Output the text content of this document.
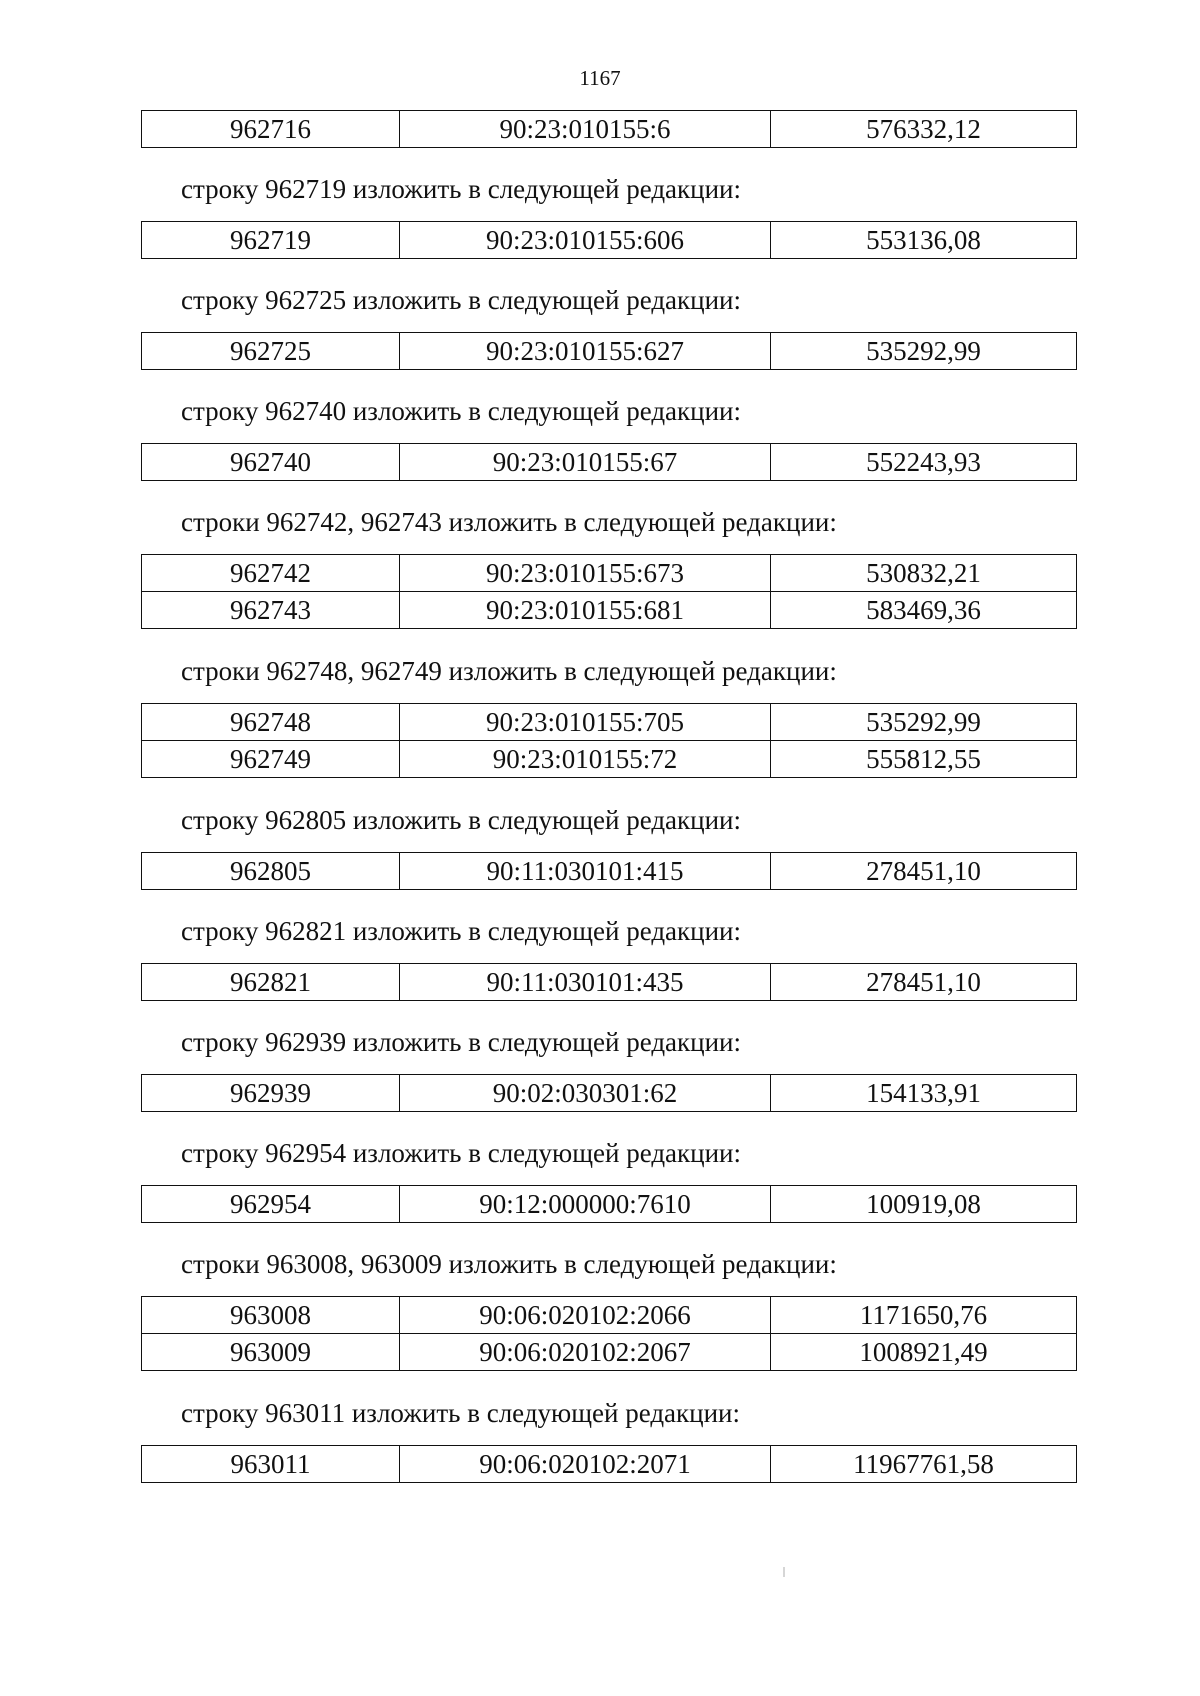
1167
962716	90:23:010155:6	576332,12
строку 962719 изложить в следующей редакции:
962719	90:23:010155:606	553136,08
строку 962725 изложить в следующей редакции:
962725	90:23:010155:627	535292,99
строку 962740 изложить в следующей редакции:
962740	90:23:010155:67	552243,93
строки 962742, 962743 изложить в следующей редакции:
962742	90:23:010155:673	530832,21
962743	90:23:010155:681	583469,36
строки 962748, 962749 изложить в следующей редакции:
962748	90:23:010155:705	535292,99
962749	90:23:010155:72	555812,55
строку 962805 изложить в следующей редакции:
962805	90:11:030101:415	278451,10
строку 962821 изложить в следующей редакции:
962821	90:11:030101:435	278451,10
строку 962939 изложить в следующей редакции:
962939	90:02:030301:62	154133,91
строку 962954 изложить в следующей редакции:
962954	90:12:000000:7610	100919,08
строки 963008, 963009 изложить в следующей редакции:
963008	90:06:020102:2066	1171650,76
963009	90:06:020102:2067	1008921,49
строку 963011 изложить в следующей редакции:
963011	90:06:020102:2071	11967761,58
